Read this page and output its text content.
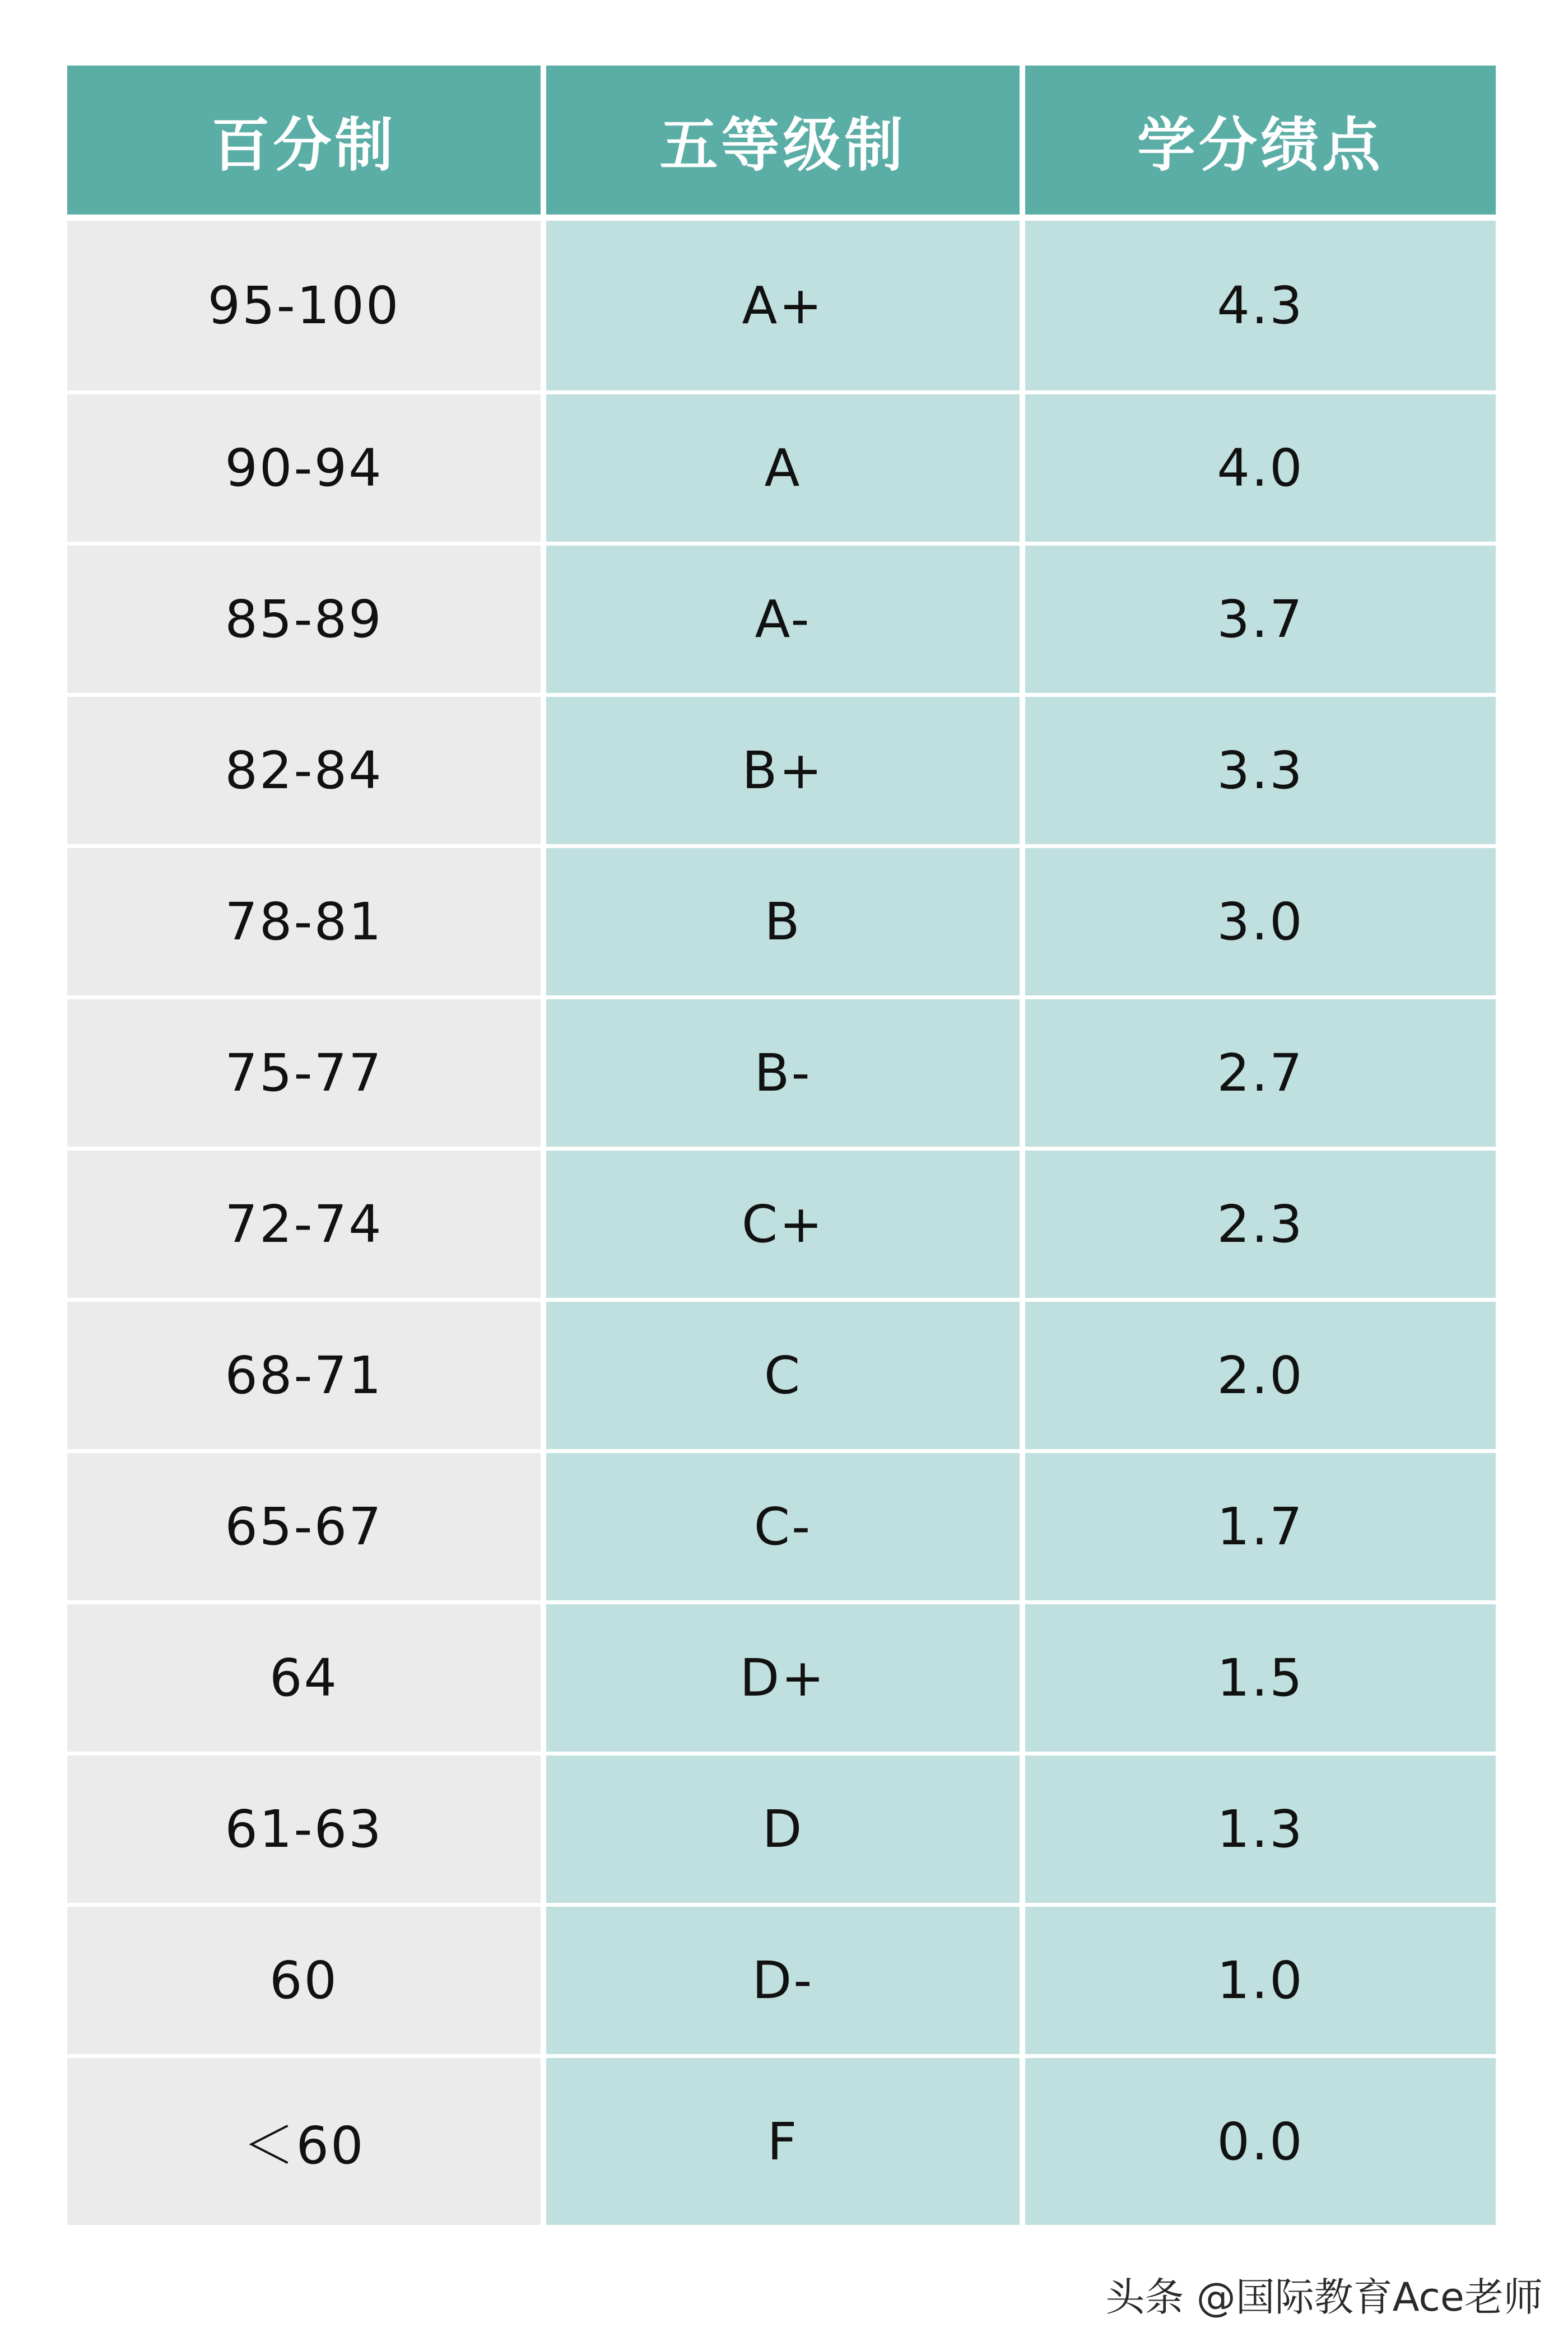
百分制	五等级制	学分绩点
95-100	A+	4.3
90-94	A	4.0
85-89	A-	3.7
82-84	B+	3.3
78-81	B	3.0
75-77	B-	2.7
72-74	C+	2.3
68-71	C	2.0
65-67	C-	1.7
64	D+	1.5
61-63	D	1.3
60	D-	1.0
＜60	F	0.0
头条 @国际教育Ace老师
